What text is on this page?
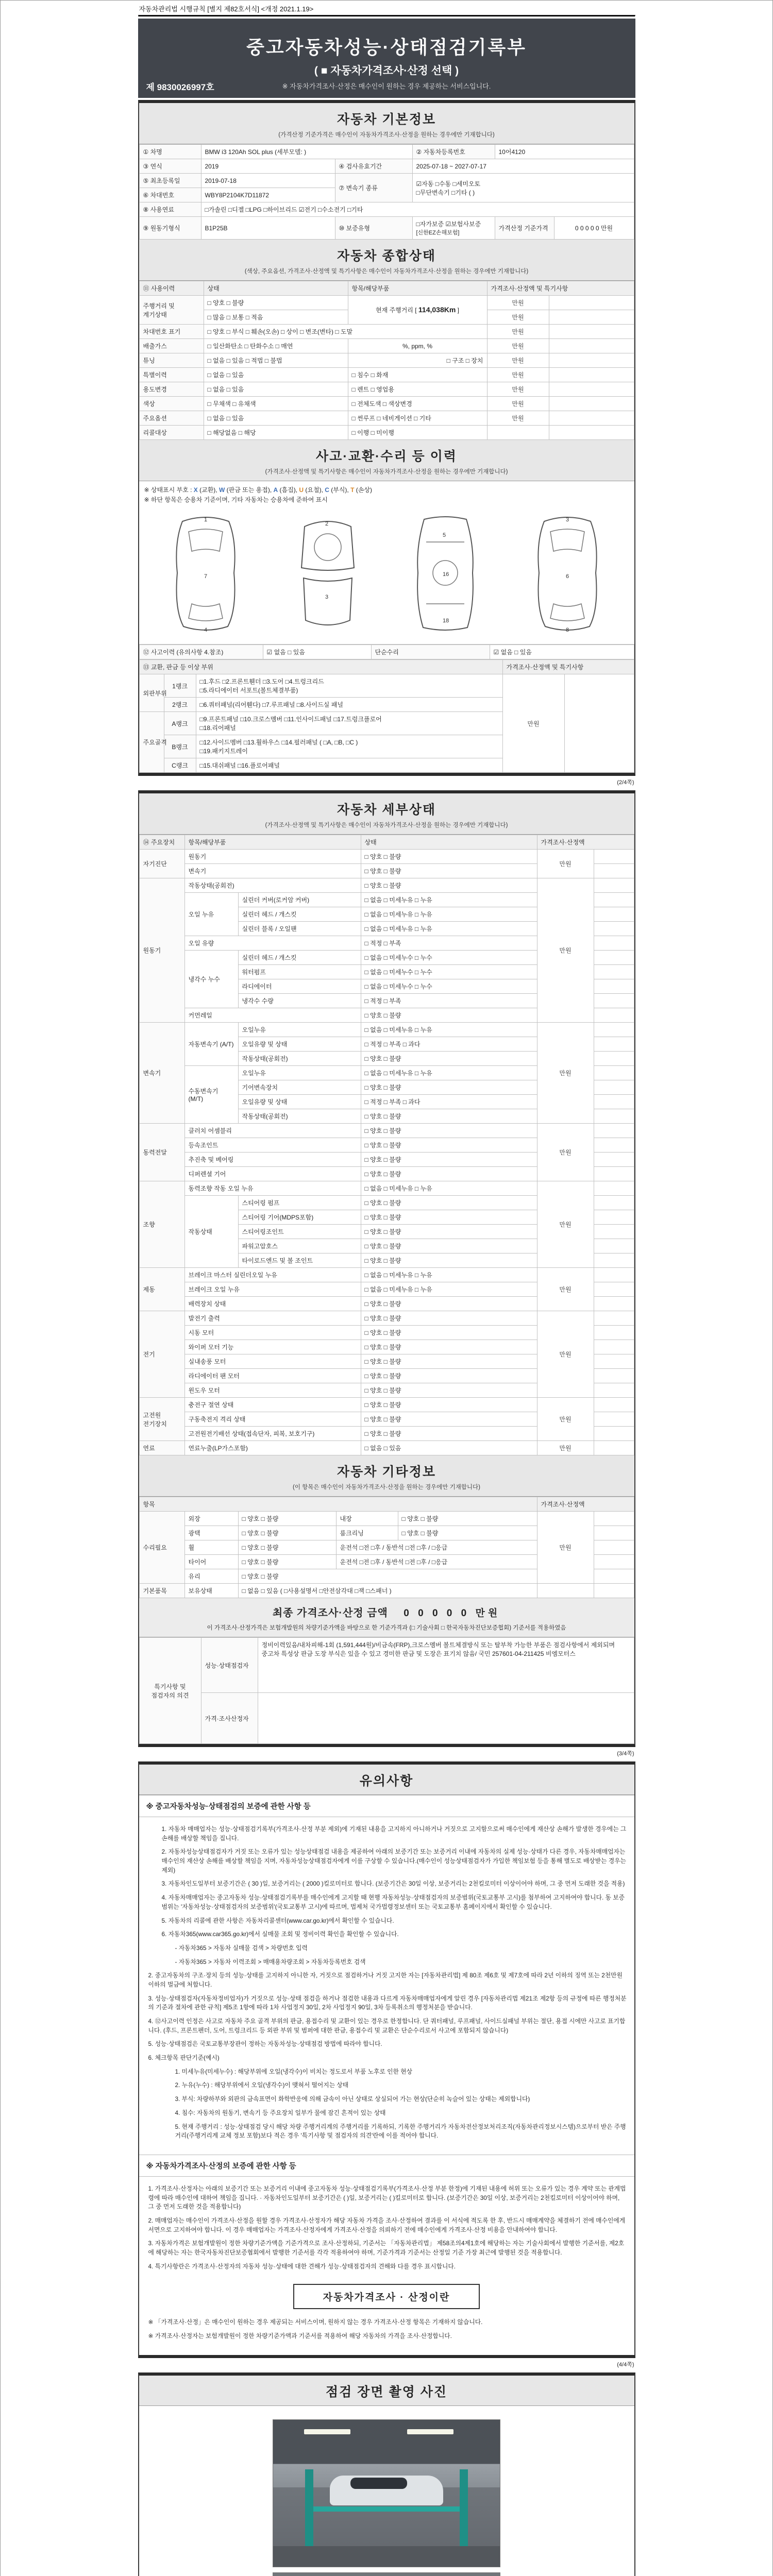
자동차관리법 시행규칙 [별지 제82호서식] <개정 2021.1.19>
중고자동차성능·상태점검기록부
( ■ 자동차가격조사·산정 선택 )
※ 자동차가격조사·산정은 매수인이 원하는 경우 제공하는 서비스입니다.
제 9830026997호
자동차 기본정보
(가격산정 기준가격은 매수인이 자동차가격조사·산정을 원하는 경우에만 기재합니다)
① 차명	BMW i3 120Ah SOL plus (세부모델: )		② 자동차등록번호	10어4120	
③ 연식	2019	④ 검사유효기간	2025-07-18 ~ 2027-07-17		
⑤ 최초등록일	2019-07-18	⑦ 변속기 종류	☑자동 □수동 □세미오토
□무단변속기 □기타 ( )		

⑥ 차대번호	WBY8P2104K7D11872				
⑧ 사용연료	□가솔린 □디젤 □LPG □하이브리드 ☑전기 □수소전기 □기타				
⑨ 원동기형식	B1P25B	⑩ 보증유형	□자가보증 ☑보험사보증 [신한EZ손해보험]	가격산정 기준가격	0 0 0 0 0 만원
자동차 종합상태
(색상, 주요옵션, 가격조사·산정액 및 특기사항은 매수인이 자동차가격조사·산정을 원하는 경우에만 기재합니다)
⑪ 사용이력	상태	항목/해당부품	가격조사·산정액 및 특기사항	
주행거리 및 계기상태	□ 양호 □ 불량	현재 주행거리 [ 114,038Km ]	만원	
	□ 많음 □ 보통 □ 적음		만원	
차대번호 표기	□ 양호 □ 부식 □ 훼손(오손) □ 상이 □ 변조(변타) □ 도말		만원	
배출가스	□ 일산화탄소 □ 탄화수소 □ 매연	%, ppm, %	만원	
튜닝	□ 없음 □ 있음 □ 적법 □ 불법	□ 구조 □ 장치	만원	
특별이력	□ 없음 □ 있음	□ 침수 □ 화재	만원	
용도변경	□ 없음 □ 있음	□ 렌트 □ 영업용	만원	
색상	□ 무채색 □ 유채색	□ 전체도색 □ 색상변경	만원	
주요옵션	□ 없음 □ 있음	□ 썬루프 □ 네비게이션 □ 기타	만원	
리콜대상	□ 해당없음 □ 해당	□ 이행 □ 미이행		
사고·교환·수리 등 이력
(가격조사·산정액 및 특기사항은 매수인이 자동차가격조사·산정을 원하는 경우에만 기재합니다)
※ 상태표시 부호 : X (교환), W (판금 또는 용접), A (흠집), U (요철), C (부식), T (손상)
※ 하단 항목은 승용차 기준이며, 기타 자동차는 승용차에 준하여 표시
1
7
4
2
3
5
16
18
3
6
8
⑫ 사고이력 (유의사항 4.참조)	☑ 없음 □ 있음	단순수리	☑ 없음 □ 있음
⑬ 교환, 판금 등 이상 부위			가격조사·산정액 및 특기사항	
외판부위	1랭크	□1.후드 □2.프론트휀더 □3.도어 □4.트렁크리드
□5.라디에이터 서포트(볼트체결부품)	만원	
	2랭크	□6.쿼터패널(리어휀다) □7.루프패널 □8.사이드실 패널		
주요골격	A랭크	□9.프론트패널 □10.크로스멤버 □11.인사이드패널 □17.트렁크플로어
□18.리어패널		

	B랭크	□12.사이드멤버 □13.휠하우스 □14.필러패널 ( □A, □B, □C )
□19.패키지트레이		

	C랭크	□15.대쉬패널 □16.플로어패널		
(2/4쪽)
자동차 세부상태
(가격조사·산정액 및 특기사항은 매수인이 자동차가격조사·산정을 원하는 경우에만 기재합니다)
⑭ 주요장치	항목/해당부품		상태	가격조사·산정액	
자기진단	원동기		□ 양호 □ 불량	만원	
	변속기		□ 양호 □ 불량		
원동기	작동상태(공회전)		□ 양호 □ 불량	만원	
	오일 누유	실린더 커버(로커암 커버)	□ 없음 □ 미세누유 □ 누유		
		실린더 헤드 / 개스킷	□ 없음 □ 미세누유 □ 누유		
		실린더 블록 / 오일팬	□ 없음 □ 미세누유 □ 누유		
	오일 유량		□ 적정 □ 부족		
	냉각수 누수	실린더 헤드 / 개스킷	□ 없음 □ 미세누수 □ 누수		
		워터펌프	□ 없음 □ 미세누수 □ 누수		
		라디에이터	□ 없음 □ 미세누수 □ 누수		
		냉각수 수량	□ 적정 □ 부족		
	커먼레일		□ 양호 □ 불량		
변속기	자동변속기 (A/T)	오일누유	□ 없음 □ 미세누유 □ 누유	만원	
		오일유량 및 상태	□ 적정 □ 부족 □ 과다		
		작동상태(공회전)	□ 양호 □ 불량		
	수동변속기 (M/T)	오일누유	□ 없음 □ 미세누유 □ 누유		
		기어변속장치	□ 양호 □ 불량		
		오일유량 및 상태	□ 적정 □ 부족 □ 과다		
		작동상태(공회전)	□ 양호 □ 불량		
동력전달	클러치 어셈블리		□ 양호 □ 불량	만원	
	등속조인트		□ 양호 □ 불량		
	추진축 및 베어링		□ 양호 □ 불량		
	디퍼렌셜 기어		□ 양호 □ 불량		
조향	동력조향 작동 오일 누유		□ 없음 □ 미세누유 □ 누유	만원	
	작동상태	스티어링 펌프	□ 양호 □ 불량		
		스티어링 기어(MDPS포함)	□ 양호 □ 불량		
		스티어링조인트	□ 양호 □ 불량		
		파워고압호스	□ 양호 □ 불량		
		타이로드엔드 및 볼 조인트	□ 양호 □ 불량		
제동	브레이크 마스터 실린더오일 누유		□ 없음 □ 미세누유 □ 누유	만원	
	브레이크 오일 누유		□ 없음 □ 미세누유 □ 누유		
	배력장치 상태		□ 양호 □ 불량		
전기	발전기 출력		□ 양호 □ 불량	만원	
	시동 모터		□ 양호 □ 불량		
	와이퍼 모터 기능		□ 양호 □ 불량		
	실내송풍 모터		□ 양호 □ 불량		
	라디에이터 팬 모터		□ 양호 □ 불량		
	윈도우 모터		□ 양호 □ 불량		
고전원 전기장치	충전구 절연 상태		□ 양호 □ 불량	만원	
	구동축전지 격리 상태		□ 양호 □ 불량		
	고전원전기배선 상태(접속단자, 피복, 보호기구)		□ 양호 □ 불량		
연료	연료누출(LP가스포함)		□ 없음 □ 있음	만원	
자동차 기타정보
(이 항목은 매수인이 자동차가격조사·산정을 원하는 경우에만 기재합니다)
항목					가격조사·산정액	
수리필요	외장	□ 양호 □ 불량	내장	□ 양호 □ 불량	만원	
	광택	□ 양호 □ 불량	룸크리닝	□ 양호 □ 불량		
	휠	□ 양호 □ 불량	운전석 □전 □후 / 동반석 □전 □후 / □응급			
	타이어	□ 양호 □ 불량	운전석 □전 □후 / 동반석 □전 □후 / □응급			
	유리	□ 양호 □ 불량				
기본품목	보유상태	□ 없음 □ 있음 ( □사용설명서 □안전삼각대 □잭 □스패너 )				
최종 가격조사·산정 금액 0 0 0 0 0 만원
이 가격조사·산정가격은 보험개발원의 차량기준가액을 바탕으로 한 기준가격과 (□ 기술사회 □ 한국자동차진단보증협회) 기준서를 적용하였음
특기사항 및 점검자의 의견	성능·상태점검자	정비이력있음/내차피해-1회 (1,591,444원)/비금속(FRP),크로스멤버 볼트체결방식 또는 탈부착 가능한 부품은 점검사항에서 제외되며 중고차 특성상 판금 도장 부식은 있을 수 있고 경미한 판금 및 도장은 표기치 않음/ 국민 257601-04-211425 비엠모터스
	가격·조사산정자	
(3/4쪽)
유의사항
※ 중고자동차성능·상태점검의 보증에 관한 사항 등

1. 자동차 매매업자는 성능·상태점검기록부(가격조사·산정 부분 제외)에 기재된 내용을 고지하지 아니하거나 거짓으로 고지함으로써 매수인에게 재산상 손해가 발생한 경우에는 그 손해를 배상할 책임을 집니다.

2. 자동차성능상태점검자가 거짓 또는 오류가 있는 성능상태점검 내용을 제공하여 아래의 보증기간 또는 보증거리 이내에 자동차의 실제 성능·상태가 다른 경우, 자동차매매업자는 매수인의 재산상 손해를 배상할 책임을 지며, 자동차성능상태점검자에게 이를 구상할 수 있습니다.(매수인이 성능상태점검자가 가입한 책임보험 등을 통해 별도로 배상받는 경우는 제외)

3. 자동차인도일부터 보증기간은 ( 30 )일, 보증거리는 ( 2000 )킬로미터로 합니다. (보증기간은 30일 이상, 보증거리는 2천킬로미터 이상이어야 하며, 그 중 먼저 도래한 것을 적용)

4. 자동차매매업자는 중고자동차 성능·상태점검기록부를 매수인에게 고지할 때 현행 자동차성능·상태점검자의 보증범위(국토교통부 고시)를 첨부하여 고지하여야 합니다. 동 보증범위는 '자동차성능·상태점검자의 보증범위'(국토교통부 고시)에 따르며, 법제처 국가법령정보센터 또는 국토교통부 홈페이지에서 확인할 수 있습니다.

5. 자동차의 리콜에 관한 사항은 자동차리콜센터(www.car.go.kr)에서 확인할 수 있습니다.

6. 자동차365(www.car365.go.kr)에서 실매물 조회 및 정비이력 확인을 확인할 수 있습니다.

- 자동차365 > 자동차 실매물 검색 > 차량번호 입력

- 자동차365 > 자동차 이력조회 > 매매용차량조회 > 자동차등록번호 검색

2. 중고자동차의 구조·장치 등의 성능·상태를 고지하지 아니한 자, 거짓으로 점검하거나 거짓 고지한 자는 [자동차관리법] 제 80조 제6호 및 제7호에 따라 2년 이하의 징역 또는 2천만원 이하의 벌금에 처합니다.

3. 성능·상태점검자(자동차정비업자)가 거짓으로 성능·상태 점검을 하거나 점검한 내용과 다르게 자동차매매업자에게 알린 경우 [자동차관리법 제21조 제2항 등의 규정에 따른 행정처분의 기준과 절차에 관한 규칙] 제5조 1항에 따라 1차 사업정지 30일, 2차 사업정지 90일, 3차 등록취소의 행정처분을 받습니다.

4. ⑫사고이력 인정은 사고로 자동차 주요 골격 부위의 판금, 용접수리 및 교환이 있는 경우로 한정합니다. 단 쿼터패널, 루프패널, 사이드실패널 부위는 절단, 용접 시에만 사고로 표기합니다. (후드, 프론트펜더, 도어, 트렁크리드 등 외판 부위 및 범퍼에 대한 판금, 용접수리 및 교환은 단순수리로서 사고에 포함되지 않습니다)

5. 성능·상태점검은 국토교통부장관이 정하는 자동차성능·상태점검 방법에 따라야 합니다.

6. 체크항목 판단기준(예시)

1. 미세누유(미세누수) : 해당부위에 오일(냉각수)이 비치는 정도로서 부품 노후로 인한 현상

2. 누유(누수) : 해당부위에서 오일(냉각수)이 맺혀서 떨어지는 상태

3. 부식: 차량하부와 외판의 금속표면이 화학반응에 의해 금속이 아닌 상태로 상실되어 가는 현상(단순히 녹슬어 있는 상태는 제외합니다)

4. 침수: 자동차의 원동기, 변속기 등 주요장치 일부가 물에 잠긴 흔적이 있는 상태

5. 현재 주행거리 : 성능·상태점검 당시 해당 차량 주행거리계의 주행거리를 기록하되, 기록한 주행거리가 자동차전산정보처리조직(자동차관리정보시스템)으로부터 받은 주행거리(주행거리계 교체 정보 포함)보다 적은 경우 '특기사항 및 점검자의 의견'란에 이를 적어야 합니다.

※ 자동차가격조사·산정의 보증에 관한 사항 등

1. 가격조사·산정자는 아래의 보증기간 또는 보증거리 이내에 중고자동차 성능·상태점검기록부(가격조사·산정 부분 한정)에 기재된 내용에 허위 또는 오류가 있는 경우 계약 또는 관계법령에 따라 매수인에 대하여 책임을 집니다. · 자동차인도일부터 보증기간은 ( )일, 보증거리는 ( )킬로미터로 합니다. (보증기간은 30일 이상, 보증거리는 2천킬로미터 이상이어야 하며, 그 중 먼저 도래한 것을 적용합니다)

2. 매매업자는 매수인이 가격조사·산정을 원할 경우 가격조사·산정자가 해당 자동차 가격을 조사·산정하여 결과를 이 서식에 적도록 한 후, 반드시 매매계약을 체결하기 전에 매수인에게 서면으로 고지하여야 합니다. 이 경우 매매업자는 가격조사·산정자에게 가격조사·산정을 의뢰하기 전에 매수인에게 가격조사·산정 비용을 안내하여야 합니다.

3. 자동차가격은 보험개발원이 정한 차량기준가액을 기준가격으로 조사·산정하되, 기준서는 「자동차관리법」 제58조의4제1호에 해당하는 자는 기술사회에서 발행한 기준서를, 제2호에 해당하는 자는 한국자동차진단보증협회에서 발행한 기준서를 각각 적용하여야 하며, 기준가격과 기준서는 산정일 기준 가장 최근에 발행된 것을 적용합니다.

4. 특기사항란은 가격조사·산정자의 자동차 성능·상태에 대한 견해가 성능·상태점검자의 견해와 다를 경우 표시합니다.

자동차가격조사 · 산정이란

※ 「가격조사·산정」은 매수인이 원하는 경우 제공되는 서비스이며, 원하지 않는 경우 가격조사·산정 항목은 기재하지 않습니다.

※ 가격조사·산정자는 보험개발원이 정한 차량기준가액과 기준서를 적용하여 해당 자동차의 가격을 조사·산정합니다.

(4/4쪽)
점검 장면 촬영 사진
